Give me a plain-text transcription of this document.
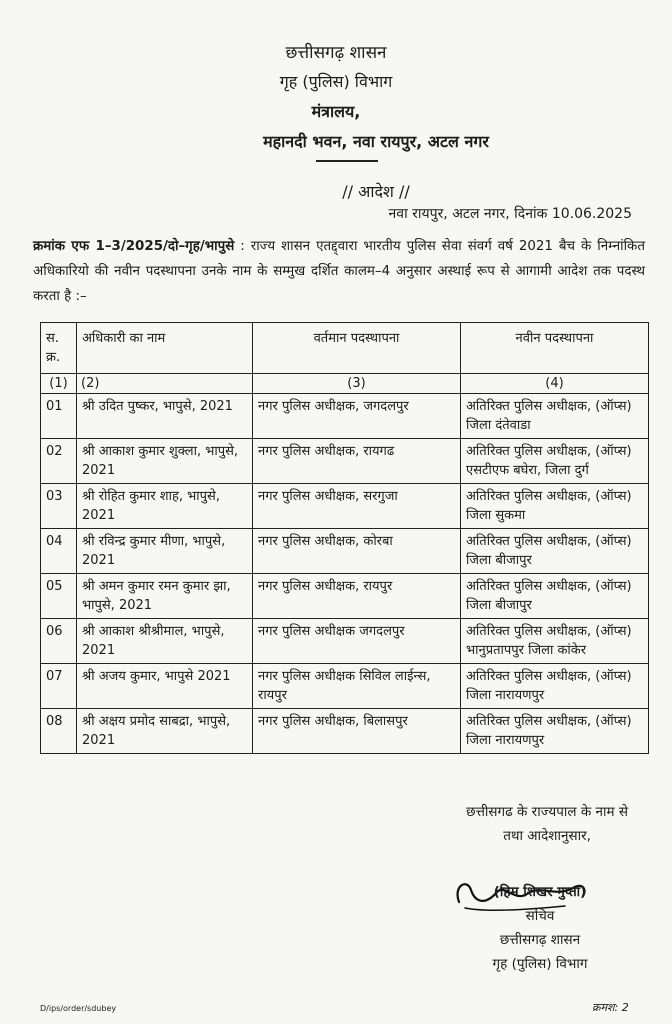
छत्तीसगढ़ शासन
गृह (पुलिस) विभाग
मंत्रालय,
महानदी भवन, नवा रायपुर, अटल नगर
// आदेश //
नवा रायपुर, अटल नगर, दिनांक 10.06.2025
क्रमांक एफ 1–3/2025/दो–गृह/भापुसे : राज्य शासन एतद्द्वारा भारतीय पुलिस सेवा संवर्ग वर्ष 2021 बैच के निम्नांकित अधिकारियो की नवीन पदस्थापना उनके नाम के सम्मुख दर्शित कालम–4 अनुसार अस्थाई रूप से आगामी आदेश तक पदस्थ करता है :–
स. क्र.	अधिकारी का नाम	वर्तमान पदस्थापना	नवीन पदस्थापना
(1)	(2)	(3)	(4)
01	श्री उदित पुष्कर, भापुसे, 2021	नगर पुलिस अधीक्षक, जगदलपुर	अतिरिक्त पुलिस अधीक्षक, (ऑप्स) जिला दंतेवाडा
02	श्री आकाश कुमार शुक्ला, भापुसे, 2021	नगर पुलिस अधीक्षक, रायगढ	अतिरिक्त पुलिस अधीक्षक, (ऑप्स) एसटीएफ बघेरा, जिला दुर्ग
03	श्री रोहित कुमार शाह, भापुसे, 2021	नगर पुलिस अधीक्षक, सरगुजा	अतिरिक्त पुलिस अधीक्षक, (ऑप्स) जिला सुकमा
04	श्री रविन्द्र कुमार मीणा, भापुसे, 2021	नगर पुलिस अधीक्षक, कोरबा	अतिरिक्त पुलिस अधीक्षक, (ऑप्स) जिला बीजापुर
05	श्री अमन कुमार रमन कुमार झा, भापुसे, 2021	नगर पुलिस अधीक्षक, रायपुर	अतिरिक्त पुलिस अधीक्षक, (ऑप्स) जिला बीजापुर
06	श्री आकाश श्रीश्रीमाल, भापुसे, 2021	नगर पुलिस अधीक्षक जगदलपुर	अतिरिक्त पुलिस अधीक्षक, (ऑप्स) भानुप्रतापपुर जिला कांकेर
07	श्री अजय कुमार, भापुसे 2021	नगर पुलिस अधीक्षक सिविल लाईन्स, रायपुर	अतिरिक्त पुलिस अधीक्षक, (ऑप्स) जिला नारायणपुर
08	श्री अक्षय प्रमोद साबद्रा, भापुसे, 2021	नगर पुलिस अधीक्षक, बिलासपुर	अतिरिक्त पुलिस अधीक्षक, (ऑप्स) जिला नारायणपुर
छत्तीसगढ के राज्यपाल के नाम से
तथा आदेशानुसार,
(हिम शिखर गुप्ता)
सचिव
छत्तीसगढ़ शासन
गृह (पुलिस) विभाग
D/ips/order/sdubey	क्रमश: 2
